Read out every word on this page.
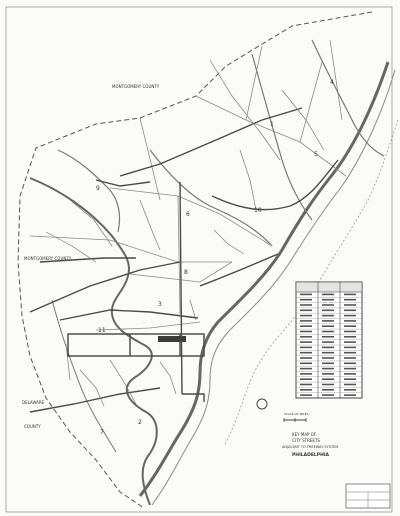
MONTGOMERY COUNTY
MONTGOMERY COUNTY
DELAWARE
COUNTY
1
2
4
5
6
7
8
9
10
11
3
SCALE OF MILES
KEY MAP OF
CITY STREETS
ADJACENT TO FREEWAY SYSTEM
PHILADELPHIA
